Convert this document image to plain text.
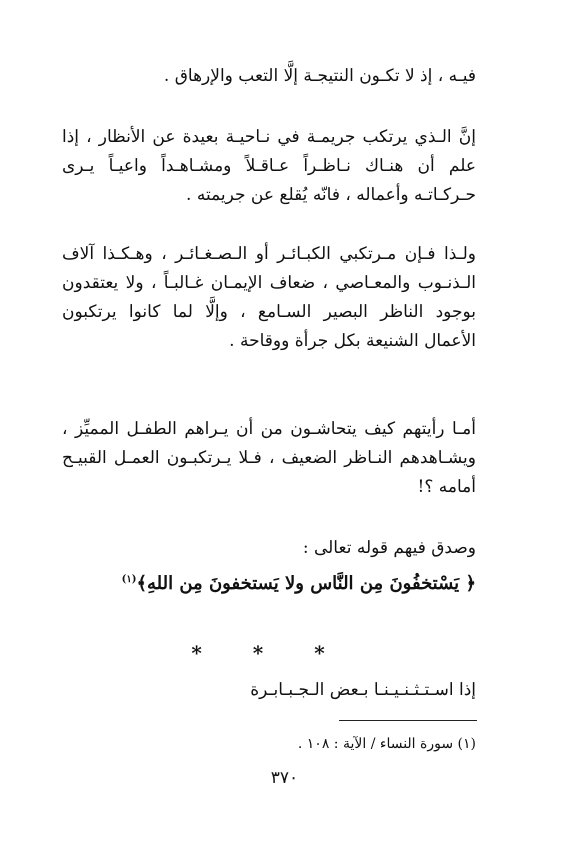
فيـه ، إذ لا تكـون النتيجـة إلَّا التعب والإرهاق .

إنَّ الـذي يرتكب جريمـة في نـاحيـة بعيدة عن الأنظار ، إذا علم أن هنـاك نـاظـراً عـاقـلاً ومشـاهـداً واعيـاً يـرى حـركـاتـه وأعماله ، فانّه يُقلع عن جريمته .

ولـذا فـإن مـرتكبي الكبـائـر أو الـصـغـائـر ، وهـكـذا آلاف الـذنـوب والمعـاصي ، ضعاف الإيمـان غـالبـاً ، ولا يعتقدون بوجود الناظر البصير السـامع ، وإلَّا لما كانوا يرتكبون الأعمال الشنيعة بكل جرأة ووقاحة .

أمـا رأيتهم كيف يتحاشـون من أن يـراهم الطفـل المميِّز ، ويشـاهدهم النـاظر الضعيف ، فـلا يـرتكبـون العمـل القبيـح أمامه ؟!

وصدق فيهم قوله تعالى :

﴿ يَسْتخفُونَ مِن النَّاس ولا يَستخفونَ مِن اللهِ﴾$^{(١)}$

* * *

إذا اسـتـثـنـيـنـا بـعض الـجـبـابـرة

(١) سورة النساء / الآية : ١٠٨ .
٣٧٠
